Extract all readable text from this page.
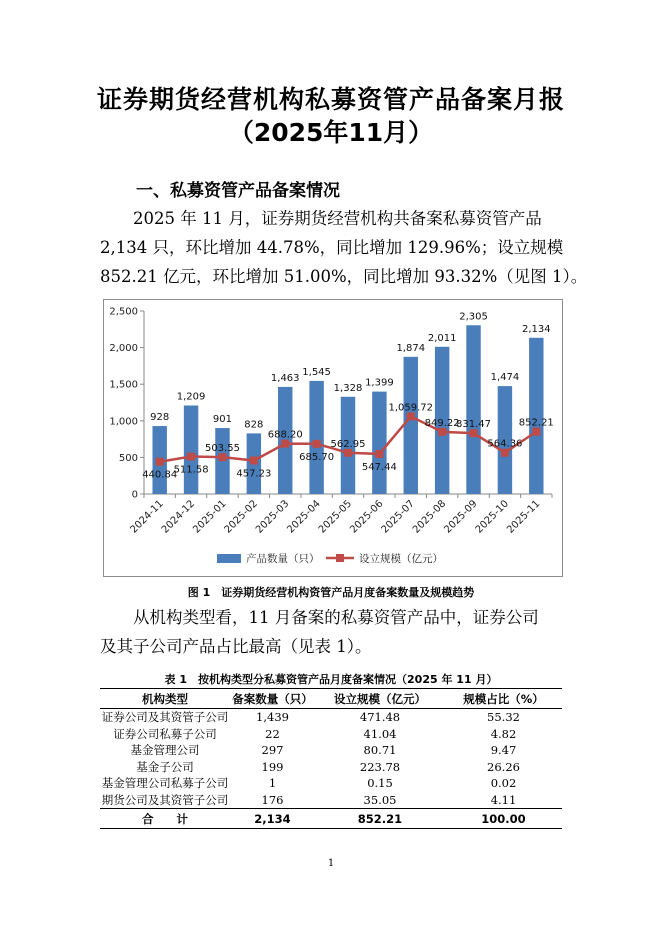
证券期货经营机构私募资管产品备案月报
（2025年11月）
一、私募资管产品备案情况
2025 年 11 月，证券期货经营机构共备案私募资管产品
2,134 只，环比增加 44.78%，同比增加 129.96%；设立规模
852.21 亿元，环比增加 51.00%，同比增加 93.32%（见图 1）。
0
500
1,000
1,500
2,000
2,500
928
1,209
901 828
1,463
1,545
1,328 1,399
1,874
2,011
2,305
1,474
2,134
440.84
511.58
503.55
457.23
688.20
685.70
562.95
547.44
1,059.72
849.22
831.47
564.36
852.21
2024-11
2024-12
2025-01
2025-02
2025-03
2025-04
2025-05
2025-06
2025-07
2025-08
2025-09
2025-10
2025-11
产品数量（只）	设立规模（亿元）
图 1　证券期货经营机构资管产品月度备案数量及规模趋势
从机构类型看，11 月备案的私募资管产品中，证券公司
及其子公司产品占比最高（见表 1）。
表 1　按机构类型分私募资管产品月度备案情况（2025 年 11 月）
机构类型	备案数量（只）	设立规模（亿元）	规模占比（%）
证券公司及其资管子公司	1,439	471.48	55.32
证券公司私募子公司	22	41.04	4.82
基金管理公司	297	80.71	9.47
基金子公司	199	223.78	26.26
基金管理公司私募子公司	1	0.15	0.02
期货公司及其资管子公司	176	35.05	4.11
合　　计	2,134	852.21	100.00
1
